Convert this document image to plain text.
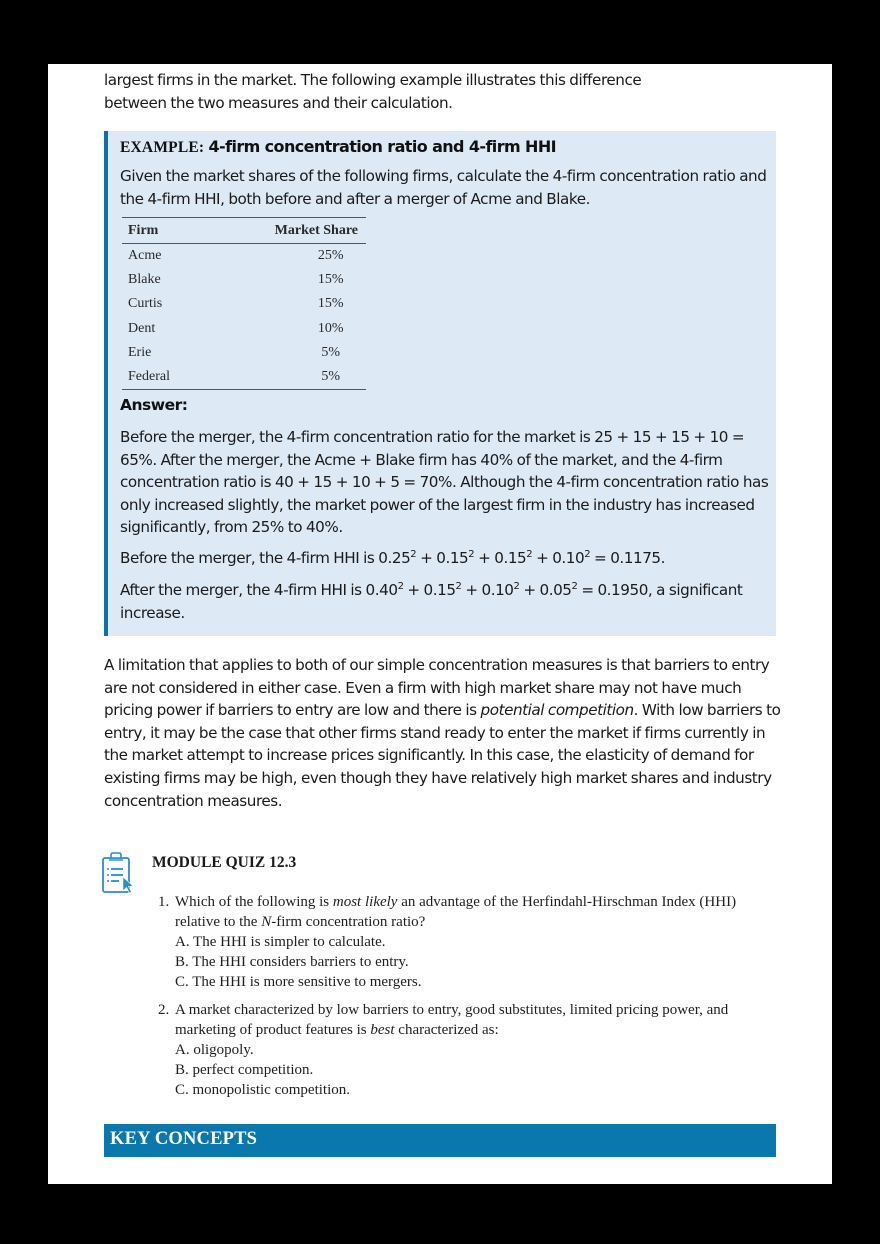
largest firms in the market. The following example illustrates this difference
between the two measures and their calculation.
EXAMPLE: 4-firm concentration ratio and 4-firm HHI
Given the market shares of the following firms, calculate the 4-firm concentration ratio and the 4-firm HHI, both before and after a merger of Acme and Blake.
Firm	Market Share
Acme	25%
Blake	15%
Curtis	15%
Dent	10%
Erie	5%
Federal	5%
Answer:
Before the merger, the 4-firm concentration ratio for the market is 25 + 15 + 15 + 10 = 65%. After the merger, the Acme + Blake firm has 40% of the market, and the 4-firm concentration ratio is 40 + 15 + 10 + 5 = 70%. Although the 4-firm concentration ratio has only increased slightly, the market power of the largest firm in the industry has increased significantly, from 25% to 40%.
Before the merger, the 4-firm HHI is $0.25^2 + 0.15^2 + 0.15^2 + 0.10^2 = 0.1175$.
After the merger, the 4-firm HHI is $0.40^2 + 0.15^2 + 0.10^2 + 0.05^2 = 0.1950$, a significant increase.
A limitation that applies to both of our simple concentration measures is that barriers to entry are not considered in either case. Even a firm with high market share may not have much pricing power if barriers to entry are low and there is potential competition. With low barriers to entry, it may be the case that other firms stand ready to enter the market if firms currently in the market attempt to increase prices significantly. In this case, the elasticity of demand for existing firms may be high, even though they have relatively high market shares and industry concentration measures.
MODULE QUIZ 12.3
1. Which of the following is most likely an advantage of the Herfindahl-Hirschman Index (HHI) relative to the N-firm concentration ratio?
A. The HHI is simpler to calculate.
B. The HHI considers barriers to entry.
C. The HHI is more sensitive to mergers.
2. A market characterized by low barriers to entry, good substitutes, limited pricing power, and marketing of product features is best characterized as:
A. oligopoly.
B. perfect competition.
C. monopolistic competition.
KEY CONCEPTS
